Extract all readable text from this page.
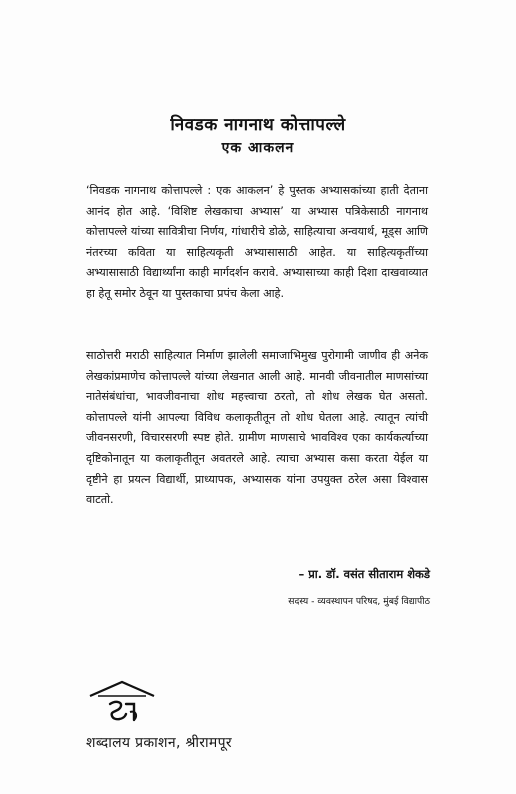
निवडक नागनाथ कोत्तापल्ले
एक आकलन

‘निवडक नागनाथ कोत्तापल्ले : एक आकलन’ हे पुस्तक अभ्यासकांच्या हाती देताना आनंद होत आहे. ‘विशिष्ट लेखकाचा अभ्यास’ या अभ्यास पत्रिकेसाठी नागनाथ कोत्तापल्ले यांच्या सावित्रीचा निर्णय, गांधारीचे डोळे, साहित्याचा अन्वयार्थ, मूड्स आणि नंतरच्या कविता या साहित्यकृती अभ्यासासाठी आहेत. या साहित्यकृतींच्या अभ्यासासाठी विद्यार्थ्यांना काही मार्गदर्शन करावे. अभ्यासाच्या काही दिशा दाखवाव्यात हा हेतू समोर ठेवून या पुस्तकाचा प्रपंच केला आहे.

साठोत्तरी मराठी साहित्यात निर्माण झालेली समाजाभिमुख पुरोगामी जाणीव ही अनेक लेखकांप्रमाणेच कोत्तापल्ले यांच्या लेखनात आली आहे. मानवी जीवनातील माणसांच्या नातेसंबंधांचा, भावजीवनाचा शोध महत्त्वाचा ठरतो, तो शोध लेखक घेत असतो. कोत्तापल्ले यांनी आपल्या विविध कलाकृतीतून तो शोध घेतला आहे. त्यातून त्यांची जीवनसरणी, विचारसरणी स्पष्ट होते. ग्रामीण माणसाचे भावविश्व एका कार्यकर्त्याच्या दृष्टिकोनातून या कलाकृतीतून अवतरले आहे. त्याचा अभ्यास कसा करता येईल या दृष्टीने हा प्रयत्न विद्यार्थी, प्राध्यापक, अभ्यासक यांना उपयुक्त ठरेल असा विश्वास वाटतो.

– प्रा. डॉ. वसंत सीताराम शेकडे
सदस्य - व्यवस्थापन परिषद, मुंबई विद्यापीठ
शब्दालय प्रकाशन, श्रीरामपूर
